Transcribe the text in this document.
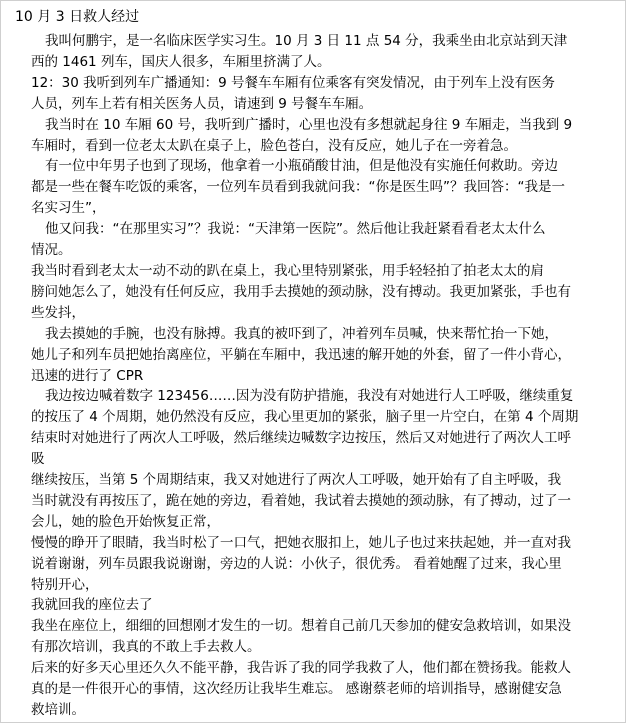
10 月 3 日救人经过
我叫何鹏宇，是一名临床医学实习生。10 月 3 日 11 点 54 分，我乘坐由北京站到天津
西的 1461 列车，国庆人很多，车厢里挤满了人。
12：30 我听到列车广播通知：9 号餐车车厢有位乘客有突发情况，由于列车上没有医务
人员，列车上若有相关医务人员，请速到 9 号餐车车厢。
我当时在 10 车厢 60 号，我听到广播时，心里也没有多想就起身往 9 车厢走，当我到 9
车厢时，看到一位老太太趴在桌子上，脸色苍白，没有反应，她儿子在一旁着急。
有一位中年男子也到了现场，他拿着一小瓶硝酸甘油，但是他没有实施任何救助。旁边
都是一些在餐车吃饭的乘客，一位列车员看到我就问我：“你是医生吗”？我回答：“我是一
名实习生”，
他又问我：“在那里实习”？我说：“天津第一医院”。然后他让我赶紧看看老太太什么
情况。
我当时看到老太太一动不动的趴在桌上，我心里特别紧张，用手轻轻拍了拍老太太的肩
膀问她怎么了，她没有任何反应，我用手去摸她的颈动脉，没有搏动。我更加紧张，手也有
些发抖，
我去摸她的手腕，也没有脉搏。我真的被吓到了，冲着列车员喊，快来帮忙抬一下她，
她儿子和列车员把她抬离座位，平躺在车厢中，我迅速的解开她的外套，留了一件小背心，
迅速的进行了 CPR
我边按边喊着数字 123456……因为没有防护措施，我没有对她进行人工呼吸，继续重复
的按压了 4 个周期，她仍然没有反应，我心里更加的紧张，脑子里一片空白，在第 4 个周期
结束时对她进行了两次人工呼吸，然后继续边喊数字边按压，然后又对她进行了两次人工呼
吸
继续按压，当第 5 个周期结束，我又对她进行了两次人工呼吸，她开始有了自主呼吸，我
当时就没有再按压了，跪在她的旁边，看着她，我试着去摸她的颈动脉，有了搏动，过了一
会儿，她的脸色开始恢复正常，
慢慢的睁开了眼睛，我当时松了一口气，把她衣服扣上，她儿子也过来扶起她，并一直对我
说着谢谢，列车员跟我说谢谢，旁边的人说：小伙子，很优秀。 看着她醒了过来，我心里
特别开心，
我就回我的座位去了
我坐在座位上，细细的回想刚才发生的一切。想着自己前几天参加的健安急救培训，如果没
有那次培训，我真的不敢上手去救人。
后来的好多天心里还久久不能平静，我告诉了我的同学我救了人，他们都在赞扬我。能救人
真的是一件很开心的事情，这次经历让我毕生难忘。 感谢蔡老师的培训指导，感谢健安急
救培训。
